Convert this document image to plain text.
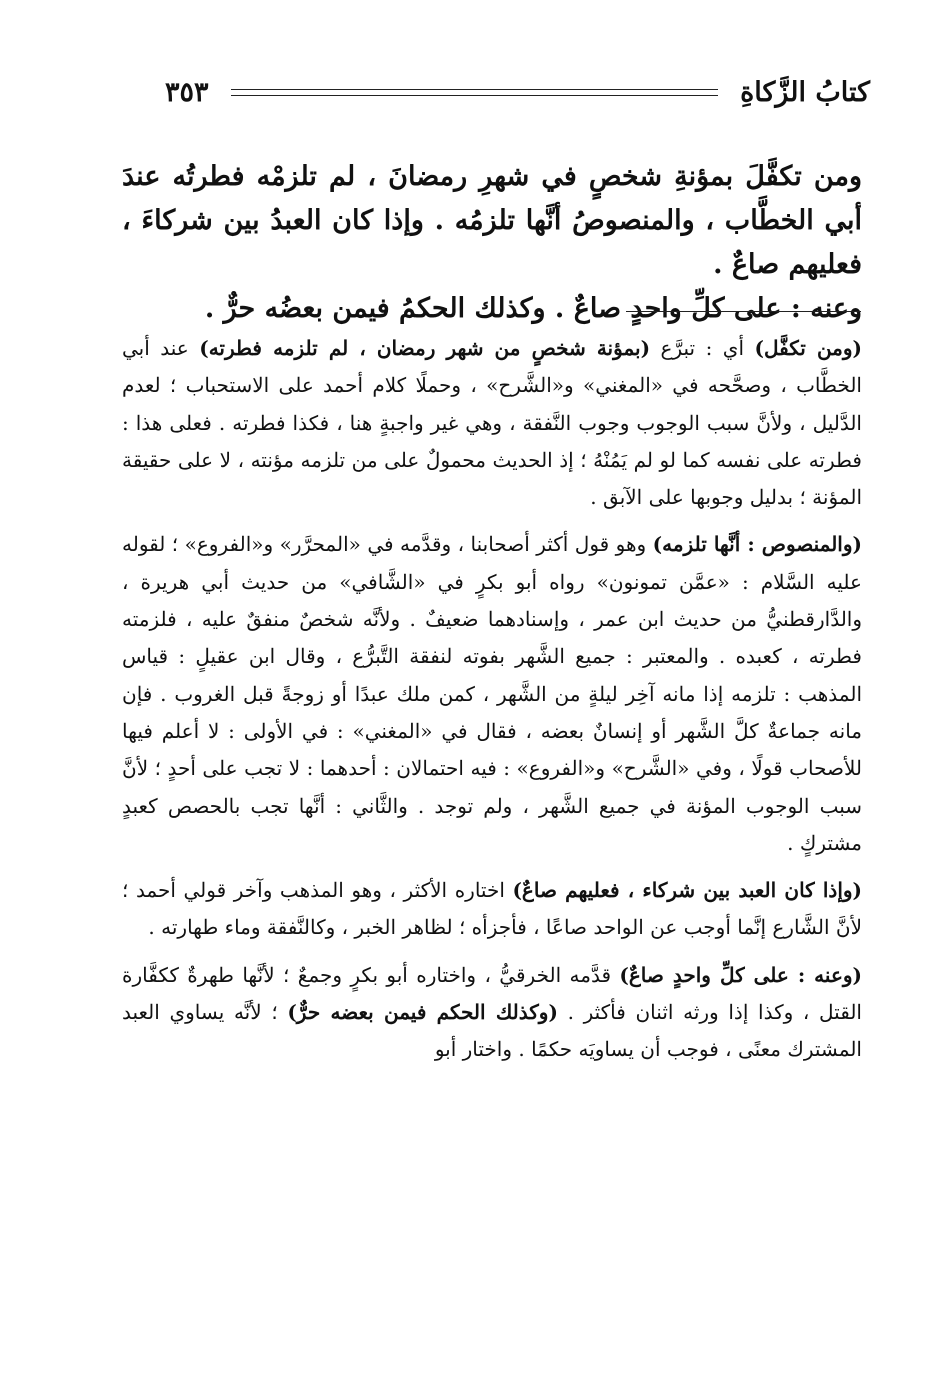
كتابُ الزَّكاةِ
٣٥٣

ومن تكفَّلَ بمؤنةِ شخصٍ في شهرِ رمضانَ ، لم تلزمْه فطرتُه عندَ أبي الخطَّاب ، والمنصوصُ أنَّها تلزمُه . وإذا كان العبدُ بين شركاءَ ، فعليهم صاعٌ .

وعنه : على كلِّ واحدٍ صاعٌ . وكذلك الحكمُ فيمن بعضُه حرٌّ .

(ومن تكفَّل) أي : تبرَّع (بمؤنة شخصٍ من شهر رمضان ، لم تلزمه فطرته) عند أبي الخطَّاب ، وصحَّحه في «المغني» و«الشَّرح» ، وحملًا كلام أحمد على الاستحباب ؛ لعدم الدَّليل ، ولأنَّ سبب الوجوب وجوب النَّفقة ، وهي غير واجبةٍ هنا ، فكذا فطرته . فعلى هذا : فطرته على نفسه كما لو لم يَمُنْهُ ؛ إذ الحديث محمولٌ على من تلزمه مؤنته ، لا على حقيقة المؤنة ؛ بدليل وجوبها على الآبق .

(والمنصوص : أنَّها تلزمه) وهو قول أكثر أصحابنا ، وقدَّمه في «المحرَّر» و«الفروع» ؛ لقوله عليه السَّلام : «عمَّن تمونون» رواه أبو بكرٍ في «الشَّافي» من حديث أبي هريرة ، والدَّارقطنيُّ من حديث ابن عمر ، وإسنادهما ضعيفٌ . ولأنَّه شخصٌ منفقٌ عليه ، فلزمته فطرته ، كعبده . والمعتبر : جميع الشَّهر بفوته لنفقة التَّبرُّع ، وقال ابن عقيلٍ : قياس المذهب : تلزمه إذا مانه آخِر ليلةٍ من الشَّهر ، كمن ملك عبدًا أو زوجةً قبل الغروب . فإن مانه جماعةٌ كلَّ الشَّهر أو إنسانٌ بعضه ، فقال في «المغني» : في الأولى : لا أعلم فيها للأصحاب قولًا ، وفي «الشَّرح» و«الفروع» : فيه احتمالان : أحدهما : لا تجب على أحدٍ ؛ لأنَّ سبب الوجوب المؤنة في جميع الشَّهر ، ولم توجد . والثَّاني : أنَّها تجب بالحصص كعبدٍ مشتركٍ .

(وإذا كان العبد بين شركاء ، فعليهم صاعٌ) اختاره الأكثر ، وهو المذهب وآخر قولي أحمد ؛ لأنَّ الشَّارع إنَّما أوجب عن الواحد صاعًا ، فأجزأه ؛ لظاهر الخبر ، وكالنَّفقة وماء طهارته .

(وعنه : على كلِّ واحدٍ صاعٌ) قدَّمه الخرقيُّ ، واختاره أبو بكرٍ وجمعٌ ؛ لأنَّها طهرةٌ ككفَّارة القتل ، وكذا إذا ورثه اثنان فأكثر . (وكذلك الحكم فيمن بعضه حرٌّ) ؛ لأنَّه يساوي العبد المشترك معنًى ، فوجب أن يساويَه حكمًا . واختار أبو
